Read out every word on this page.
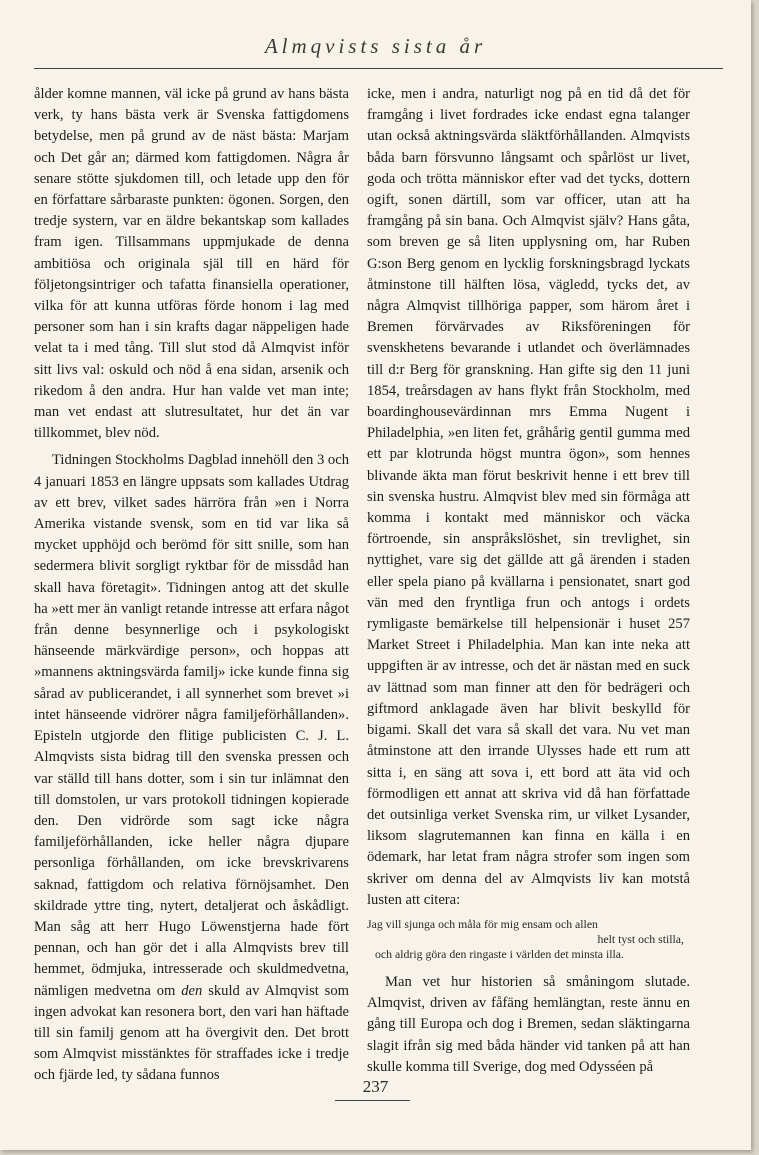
Almqvists sista år

ålder komne mannen, väl icke på grund av hans bästa verk, ty hans bästa verk är Svenska fattigdomens betydelse, men på grund av de näst bästa: Marjam och Det går an; därmed kom fattigdomen. Några år senare stötte sjukdomen till, och letade upp den för en författare sårbaraste punkten: ögonen. Sorgen, den tredje systern, var en äldre bekantskap som kallades fram igen. Tillsammans uppmjukade de denna ambitiösa och originala själ till en härd för följetongsintriger och tafatta finansiella operationer, vilka för att kunna utföras förde honom i lag med personer som han i sin krafts dagar näppeligen hade velat ta i med tång. Till slut stod då Almqvist inför sitt livs val: oskuld och nöd å ena sidan, arsenik och rikedom å den andra. Hur han valde vet man inte; man vet endast att slutresultatet, hur det än var tillkommet, blev nöd.

Tidningen Stockholms Dagblad innehöll den 3 och 4 januari 1853 en längre uppsats som kallades Utdrag av ett brev, vilket sades härröra från »en i Norra Amerika vistande svensk, som en tid var lika så mycket upphöjd och berömd för sitt snille, som han sedermera blivit sorgligt ryktbar för de missdåd han skall hava företagit». Tidningen antog att det skulle ha »ett mer än vanligt retande intresse att erfara något från denne besynnerlige och i psykologiskt hänseende märkvärdige person», och hoppas att »mannens aktningsvärda familj» icke kunde finna sig sårad av publicerandet, i all synnerhet som brevet »i intet hänseende vidrörer några familjeförhållanden». Episteln utgjorde den flitige publicisten C. J. L. Almqvists sista bidrag till den svenska pressen och var ställd till hans dotter, som i sin tur inlämnat den till domstolen, ur vars protokoll tidningen kopierade den. Den vidrörde som sagt icke några familjeförhållanden, icke heller några djupare personliga förhållanden, om icke brevskrivarens saknad, fattigdom och relativa förnöjsamhet. Den skildrade yttre ting, nytert, detaljerat och åskådligt. Man såg att herr Hugo Löwenstjerna hade fört pennan, och han gör det i alla Almqvists brev till hemmet, ödmjuka, intresserade och skuldmedvetna, nämligen medvetna om den skuld av Almqvist som ingen advokat kan resonera bort, den vari han häftade till sin familj genom att ha övergivit den. Det brott som Almqvist misstänktes för straffades icke i tredje och fjärde led, ty sådana funnos

icke, men i andra, naturligt nog på en tid då det för framgång i livet fordrades icke endast egna talanger utan också aktningsvärda släktförhållanden. Almqvists båda barn försvunno långsamt och spårlöst ur livet, goda och trötta människor efter vad det tycks, dottern ogift, sonen därtill, som var officer, utan att ha framgång på sin bana. Och Almqvist själv? Hans gåta, som breven ge så liten upplysning om, har Ruben G:son Berg genom en lycklig forskningsbragd lyckats åtminstone till hälften lösa, vägledd, tycks det, av några Almqvist tillhöriga papper, som härom året i Bremen förvärvades av Riksföreningen för svenskhetens bevarande i utlandet och överlämnades till d:r Berg för granskning. Han gifte sig den 11 juni 1854, treårsdagen av hans flykt från Stockholm, med boardinghousevärdinnan mrs Emma Nugent i Philadelphia, »en liten fet, gråhårig gentil gumma med ett par klotrunda högst muntra ögon», som hennes blivande äkta man förut beskrivit henne i ett brev till sin svenska hustru. Almqvist blev med sin förmåga att komma i kontakt med människor och väcka förtroende, sin anspråkslöshet, sin trevlighet, sin nyttighet, vare sig det gällde att gå ärenden i staden eller spela piano på kvällarna i pensionatet, snart god vän med den fryntliga frun och antogs i ordets rymligaste bemärkelse till helpensionär i huset 257 Market Street i Philadelphia. Man kan inte neka att uppgiften är av intresse, och det är nästan med en suck av lättnad som man finner att den för bedrägeri och giftmord anklagade även har blivit beskylld för bigami. Skall det vara så skall det vara. Nu vet man åtminstone att den irrande Ulysses hade ett rum att sitta i, en säng att sova i, ett bord att äta vid och förmodligen ett annat att skriva vid då han författade det outsinliga verket Svenska rim, ur vilket Lysander, liksom slagrutemannen kan finna en källa i en ödemark, har letat fram några strofer som ingen som skriver om denna del av Almqvists liv kan motstå lusten att citera:

Jag vill sjunga och måla för mig ensam och allen
helt tyst och stilla,
och aldrig göra den ringaste i världen det minsta illa.

Man vet hur historien så småningom slutade. Almqvist, driven av fåfäng hemlängtan, reste ännu en gång till Europa och dog i Bremen, sedan släktingarna slagit ifrån sig med båda händer vid tanken på att han skulle komma till Sverige, dog med Odysséen på

237
